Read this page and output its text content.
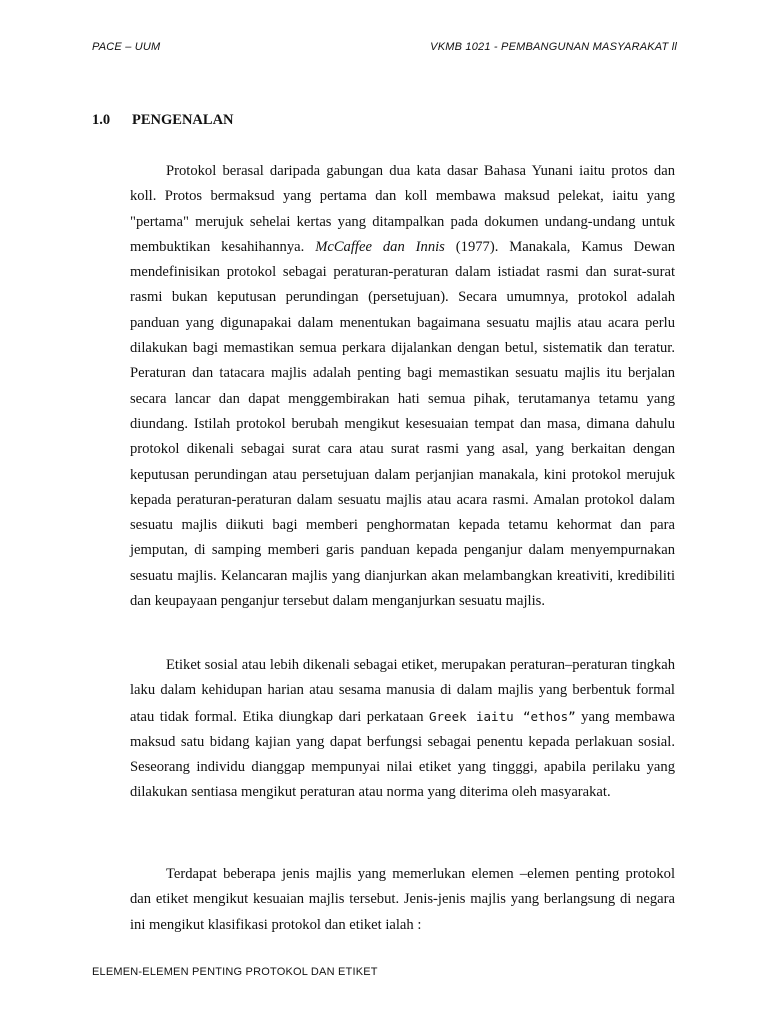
PACE – UUM	VKMB 1021 - PEMBANGUNAN MASYARAKAT ll
1.0 PENGENALAN

Protokol berasal daripada gabungan dua kata dasar Bahasa Yunani iaitu protos dan koll. Protos bermaksud yang pertama dan koll membawa maksud pelekat, iaitu yang "pertama" merujuk sehelai kertas yang ditampalkan pada dokumen undang-undang untuk membuktikan kesahihannya. McCaffee dan Innis (1977). Manakala, Kamus Dewan mendefinisikan protokol sebagai peraturan-peraturan dalam istiadat rasmi dan surat-surat rasmi bukan keputusan perundingan (persetujuan). Secara umumnya, protokol adalah panduan yang digunapakai dalam menentukan bagaimana sesuatu majlis atau acara perlu dilakukan bagi memastikan semua perkara dijalankan dengan betul, sistematik dan teratur. Peraturan dan tatacara majlis adalah penting bagi memastikan sesuatu majlis itu berjalan secara lancar dan dapat menggembirakan hati semua pihak, terutamanya tetamu yang diundang. Istilah protokol berubah mengikut kesesuaian tempat dan masa, dimana dahulu protokol dikenali sebagai surat cara atau surat rasmi yang asal, yang berkaitan dengan keputusan perundingan atau persetujuan dalam perjanjian manakala, kini protokol merujuk kepada peraturan-peraturan dalam sesuatu majlis atau acara rasmi. Amalan protokol dalam sesuatu majlis diikuti bagi memberi penghormatan kepada tetamu kehormat dan para jemputan, di samping memberi garis panduan kepada penganjur dalam menyempurnakan sesuatu majlis. Kelancaran majlis yang dianjurkan akan melambangkan kreativiti, kredibiliti dan keupayaan penganjur tersebut dalam menganjurkan sesuatu majlis.

Etiket sosial atau lebih dikenali sebagai etiket, merupakan peraturan–peraturan tingkah laku dalam kehidupan harian atau sesama manusia di dalam majlis yang berbentuk formal atau tidak formal. Etika diungkap dari perkataan Greek iaitu “ethos” yang membawa maksud satu bidang kajian yang dapat berfungsi sebagai penentu kepada perlakuan sosial. Seseorang individu dianggap mempunyai nilai etiket yang tingggi, apabila perilaku yang dilakukan sentiasa mengikut peraturan atau norma yang diterima oleh masyarakat.

Terdapat beberapa jenis majlis yang memerlukan elemen –elemen penting protokol dan etiket mengikut kesuaian majlis tersebut. Jenis-jenis majlis yang berlangsung di negara ini mengikut klasifikasi protokol dan etiket ialah :

ELEMEN-ELEMEN PENTING PROTOKOL DAN ETIKET
